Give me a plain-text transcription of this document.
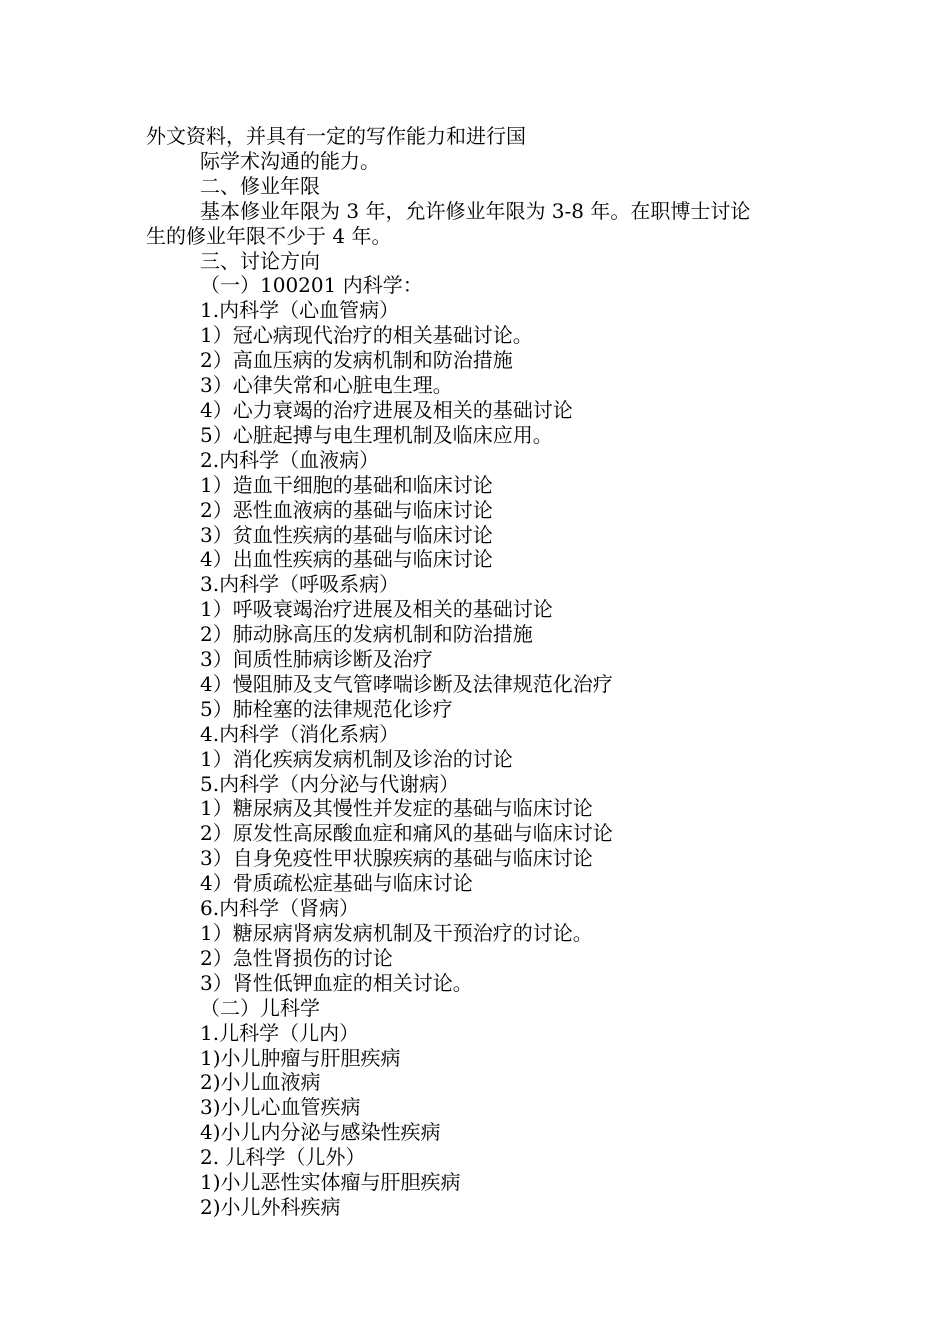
外文资料，并具有一定的写作能力和进行国
际学术沟通的能力。
二、修业年限
基本修业年限为 3 年，允许修业年限为 3-8 年。在职博士讨论
生的修业年限不少于 4 年。
三、讨论方向
（一）100201 内科学：
1.内科学（心血管病）
1）冠心病现代治疗的相关基础讨论。
2）高血压病的发病机制和防治措施
3）心律失常和心脏电生理。
4）心力衰竭的治疗进展及相关的基础讨论
5）心脏起搏与电生理机制及临床应用。
2.内科学（血液病）
1）造血干细胞的基础和临床讨论
2）恶性血液病的基础与临床讨论
3）贫血性疾病的基础与临床讨论
4）出血性疾病的基础与临床讨论
3.内科学（呼吸系病）
1）呼吸衰竭治疗进展及相关的基础讨论
2）肺动脉高压的发病机制和防治措施
3）间质性肺病诊断及治疗
4）慢阻肺及支气管哮喘诊断及法律规范化治疗
5）肺栓塞的法律规范化诊疗
4.内科学（消化系病）
1）消化疾病发病机制及诊治的讨论
5.内科学（内分泌与代谢病）
1）糖尿病及其慢性并发症的基础与临床讨论
2）原发性高尿酸血症和痛风的基础与临床讨论
3）自身免疫性甲状腺疾病的基础与临床讨论
4）骨质疏松症基础与临床讨论
6.内科学（肾病）
1）糖尿病肾病发病机制及干预治疗的讨论。
2）急性肾损伤的讨论
3）肾性低钾血症的相关讨论。
（二）儿科学
1.儿科学（儿内）
1)小儿肿瘤与肝胆疾病
2)小儿血液病
3)小儿心血管疾病
4)小儿内分泌与感染性疾病
2. 儿科学（儿外）
1)小儿恶性实体瘤与肝胆疾病
2)小儿外科疾病
